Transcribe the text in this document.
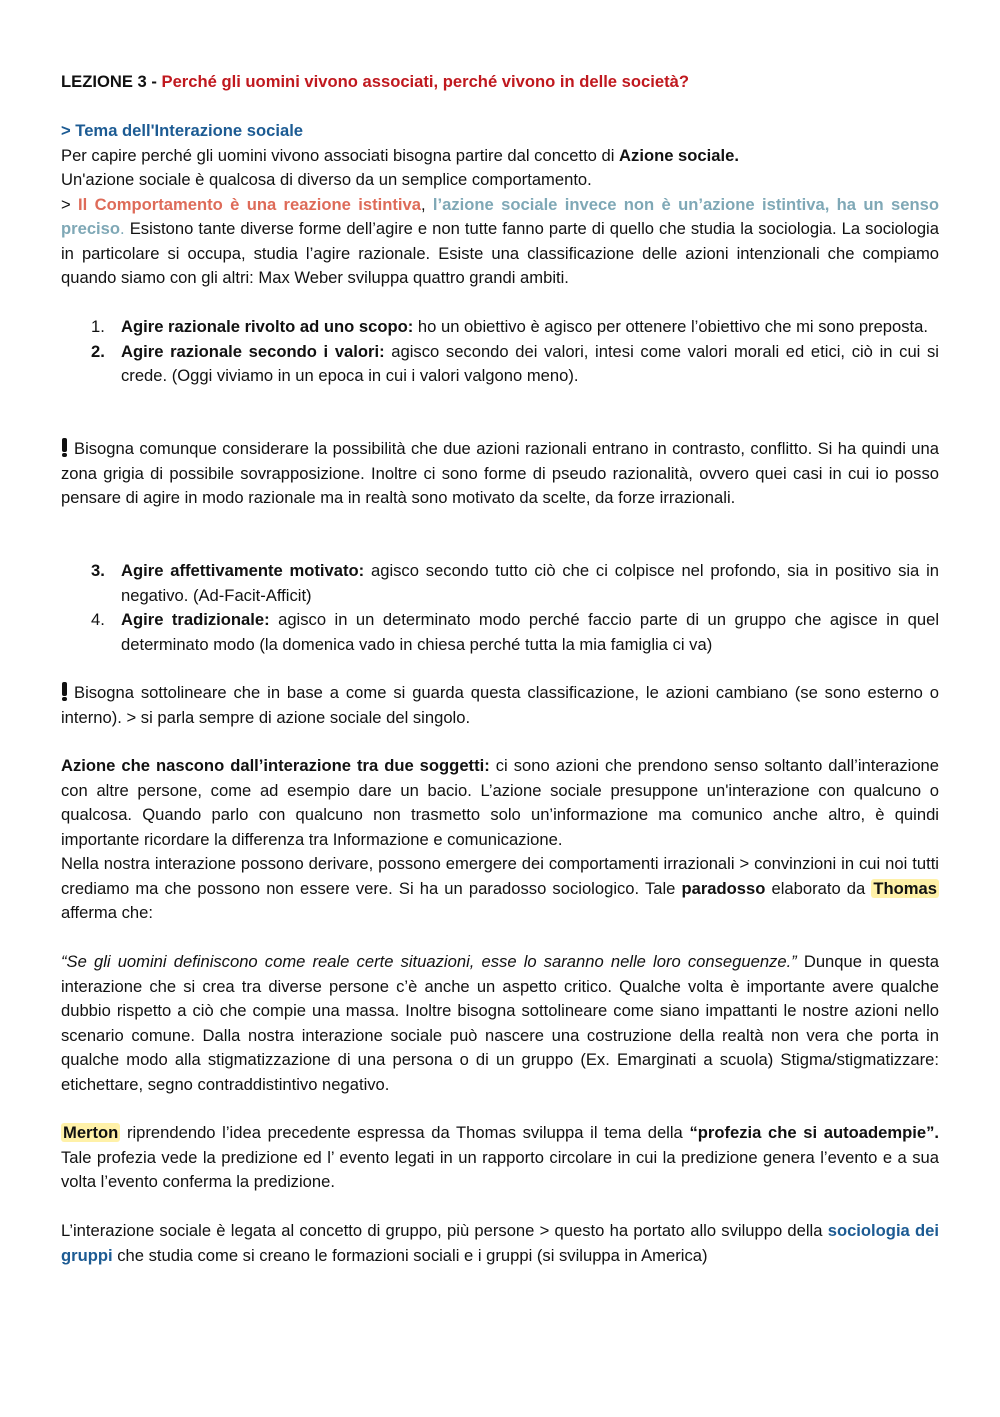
LEZIONE 3 - Perché gli uomini vivono associati, perché vivono in delle società?
> Tema dell'Interazione sociale
Per capire perché gli uomini vivono associati bisogna partire dal concetto di Azione sociale.
Un'azione sociale è qualcosa di diverso da un semplice comportamento.
> Il Comportamento è una reazione istintiva, l’azione sociale invece non è un’azione istintiva, ha un senso preciso. Esistono tante diverse forme dell’agire e non tutte fanno parte di quello che studia la sociologia. La sociologia in particolare si occupa, studia l’agire razionale. Esiste una classificazione delle azioni intenzionali che compiamo quando siamo con gli altri: Max Weber sviluppa quattro grandi ambiti.
1. Agire razionale rivolto ad uno scopo: ho un obiettivo è agisco per ottenere l’obiettivo che mi sono preposta.
2. Agire razionale secondo i valori: agisco secondo dei valori, intesi come valori morali ed etici, ciò in cui si crede. (Oggi viviamo in un epoca in cui i valori valgono meno).
Bisogna comunque considerare la possibilità che due azioni razionali entrano in contrasto, conflitto. Si ha quindi una zona grigia di possibile sovrapposizione. Inoltre ci sono forme di pseudo razionalità, ovvero quei casi in cui io posso pensare di agire in modo razionale ma in realtà sono motivato da scelte, da forze irrazionali.
3. Agire affettivamente motivato: agisco secondo tutto ciò che ci colpisce nel profondo, sia in positivo sia in negativo. (Ad-Facit-Afficit)
4. Agire tradizionale: agisco in un determinato modo perché faccio parte di un gruppo che agisce in quel determinato modo (la domenica vado in chiesa perché tutta la mia famiglia ci va)
Bisogna sottolineare che in base a come si guarda questa classificazione, le azioni cambiano (se sono esterno o interno). > si parla sempre di azione sociale del singolo.
Azione che nascono dall’interazione tra due soggetti: ci sono azioni che prendono senso soltanto dall’interazione con altre persone, come ad esempio dare un bacio. L’azione sociale presuppone un'interazione con qualcuno o qualcosa. Quando parlo con qualcuno non trasmetto solo un’informazione ma comunico anche altro, è quindi importante ricordare la differenza tra Informazione e comunicazione.
Nella nostra interazione possono derivare, possono emergere dei comportamenti irrazionali > convinzioni in cui noi tutti crediamo ma che possono non essere vere. Si ha un paradosso sociologico. Tale paradosso elaborato da Thomas afferma che:
“Se gli uomini definiscono come reale certe situazioni, esse lo saranno nelle loro conseguenze.” Dunque in questa interazione che si crea tra diverse persone c’è anche un aspetto critico. Qualche volta è importante avere qualche dubbio rispetto a ciò che compie una massa. Inoltre bisogna sottolineare come siano impattanti le nostre azioni nello scenario comune. Dalla nostra interazione sociale può nascere una costruzione della realtà non vera che porta in qualche modo alla stigmatizzazione di una persona o di un gruppo (Ex. Emarginati a scuola) Stigma/stigmatizzare: etichettare, segno contraddistintivo negativo.
Merton riprendendo l’idea precedente espressa da Thomas sviluppa il tema della “profezia che si autoadempie”. Tale profezia vede la predizione ed l’ evento legati in un rapporto circolare in cui la predizione genera l’evento e a sua volta l’evento conferma la predizione.
L’interazione sociale è legata al concetto di gruppo, più persone > questo ha portato allo sviluppo della sociologia dei gruppi che studia come si creano le formazioni sociali e i gruppi (si sviluppa in America)
